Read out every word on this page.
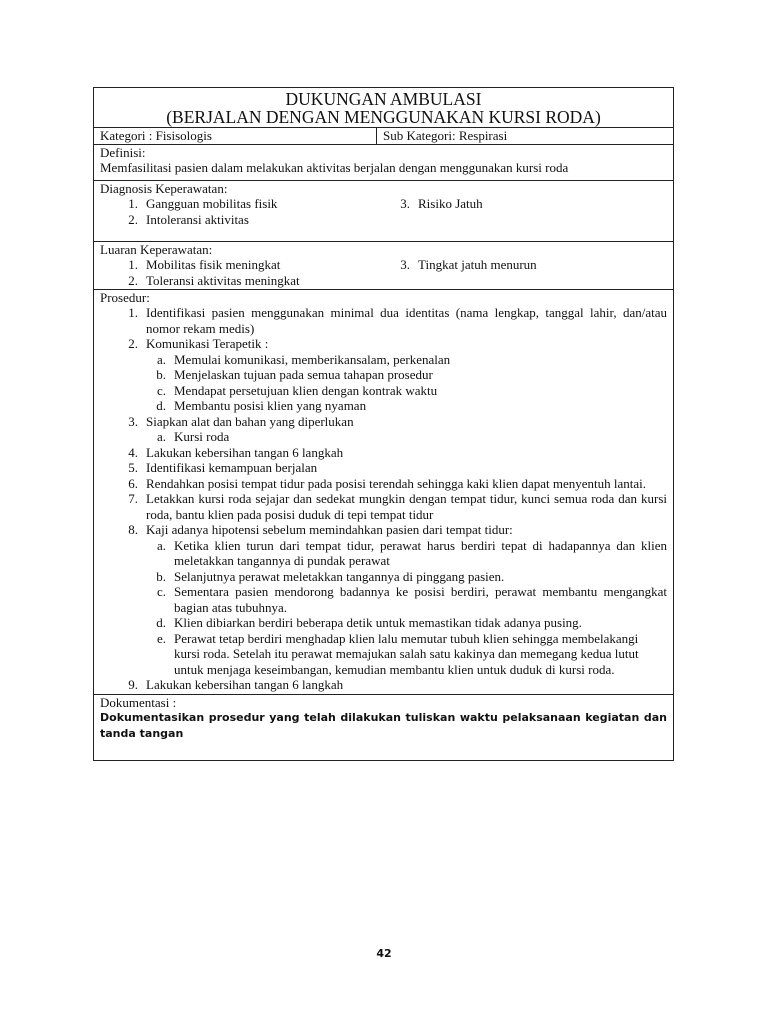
DUKUNGAN AMBULASI
(BERJALAN DENGAN MENGGUNAKAN KURSI RODA)
Kategori : Fisisologis	Sub Kategori: Respirasi
Definisi:
Memfasilitasi pasien dalam melakukan aktivitas berjalan dengan menggunakan kursi roda
Diagnosis Keperawatan:
1. Gangguan mobilitas fisik
2. Intoleransi aktivitas
3. Risiko Jatuh
Luaran Keperawatan:
1. Mobilitas fisik meningkat
2. Toleransi aktivitas meningkat
3. Tingkat jatuh menurun
Prosedur:
1. Identifikasi pasien menggunakan minimal dua identitas (nama lengkap, tanggal lahir, dan/atau nomor rekam medis)
2. Komunikasi Terapetik :
a. Memulai komunikasi, memberikansalam, perkenalan
b. Menjelaskan tujuan pada semua tahapan prosedur
c. Mendapat persetujuan klien dengan kontrak waktu
d. Membantu posisi klien yang nyaman
3. Siapkan alat dan bahan yang diperlukan
a. Kursi roda
4. Lakukan kebersihan tangan 6 langkah
5. Identifikasi kemampuan berjalan
6. Rendahkan posisi tempat tidur pada posisi terendah sehingga kaki klien dapat menyentuh lantai.
7. Letakkan kursi roda sejajar dan sedekat mungkin dengan tempat tidur, kunci semua roda dan kursi roda, bantu klien pada posisi duduk di tepi tempat tidur
8. Kaji adanya hipotensi sebelum memindahkan pasien dari tempat tidur:
a. Ketika klien turun dari tempat tidur, perawat harus berdiri tepat di hadapannya dan klien meletakkan tangannya di pundak perawat
b. Selanjutnya perawat meletakkan tangannya di pinggang pasien.
c. Sementara pasien mendorong badannya ke posisi berdiri, perawat membantu mengangkat bagian atas tubuhnya.
d. Klien dibiarkan berdiri beberapa detik untuk memastikan tidak adanya pusing.
e. Perawat tetap berdiri menghadap klien lalu memutar tubuh klien sehingga membelakangi kursi roda. Setelah itu perawat memajukan salah satu kakinya dan memegang kedua lutut untuk menjaga keseimbangan, kemudian membantu klien untuk duduk di kursi roda.
9. Lakukan kebersihan tangan 6 langkah
Dokumentasi :
Dokumentasikan prosedur yang telah dilakukan tuliskan waktu pelaksanaan kegiatan dan tanda tangan
42
